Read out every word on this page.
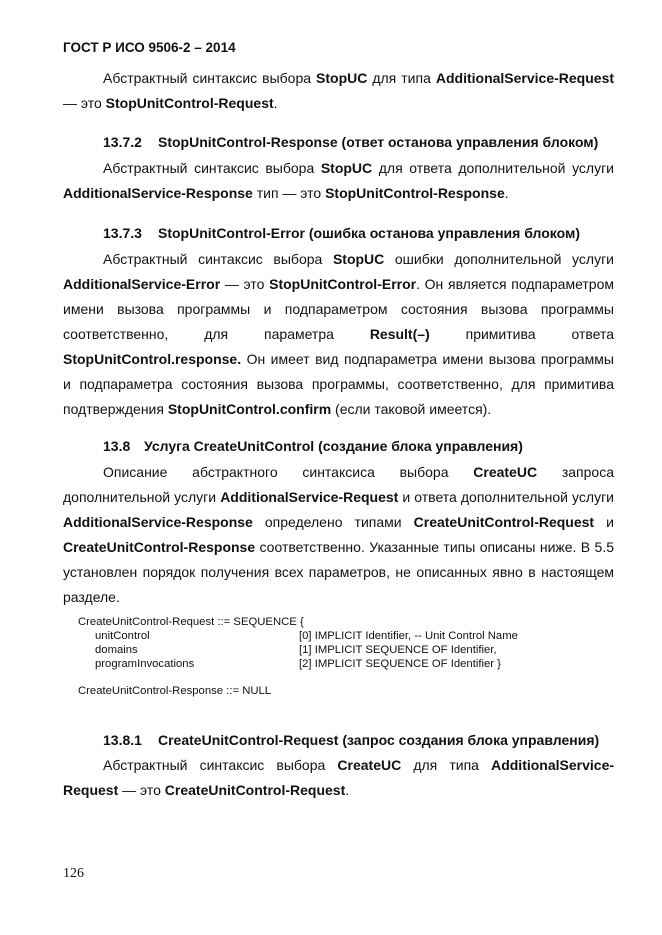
ГОСТ Р ИСО 9506-2 – 2014
Абстрактный синтаксис выбора StopUC для типа AdditionalService-Request — это StopUnitControl-Request.
13.7.2 StopUnitControl-Response (ответ останова управления блоком)
Абстрактный синтаксис выбора StopUC для ответа дополнительной услуги AdditionalService-Response тип — это StopUnitControl-Response.
13.7.3 StopUnitControl-Error (ошибка останова управления блоком)
Абстрактный синтаксис выбора StopUC ошибки дополнительной услуги AdditionalService-Error — это StopUnitControl-Error. Он является подпараметром имени вызова программы и подпараметром состояния вызова программы соответственно, для параметра Result(–) примитива ответа StopUnitControl.response. Он имеет вид подпараметра имени вызова программы и подпараметра состояния вызова программы, соответственно, для примитива подтверждения StopUnitControl.confirm (если таковой имеется).
13.8 Услуга CreateUnitControl (создание блока управления)
Описание абстрактного синтаксиса выбора CreateUC запроса дополнительной услуги AdditionalService-Request и ответа дополнительной услуги AdditionalService-Response определено типами CreateUnitControl-Request и CreateUnitControl-Response соответственно. Указанные типы описаны ниже. В 5.5 установлен порядок получения всех параметров, не описанных явно в настоящем разделе.
CreateUnitControl-Request ::= SEQUENCE {
unitControl	[0] IMPLICIT Identifier, -- Unit Control Name
domains	[1] IMPLICIT SEQUENCE OF Identifier,
programInvocations	[2] IMPLICIT SEQUENCE OF Identifier }
CreateUnitControl-Response ::= NULL
13.8.1 CreateUnitControl-Request (запрос создания блока управления)
Абстрактный синтаксис выбора CreateUC для типа AdditionalService-Request — это CreateUnitControl-Request.
126
